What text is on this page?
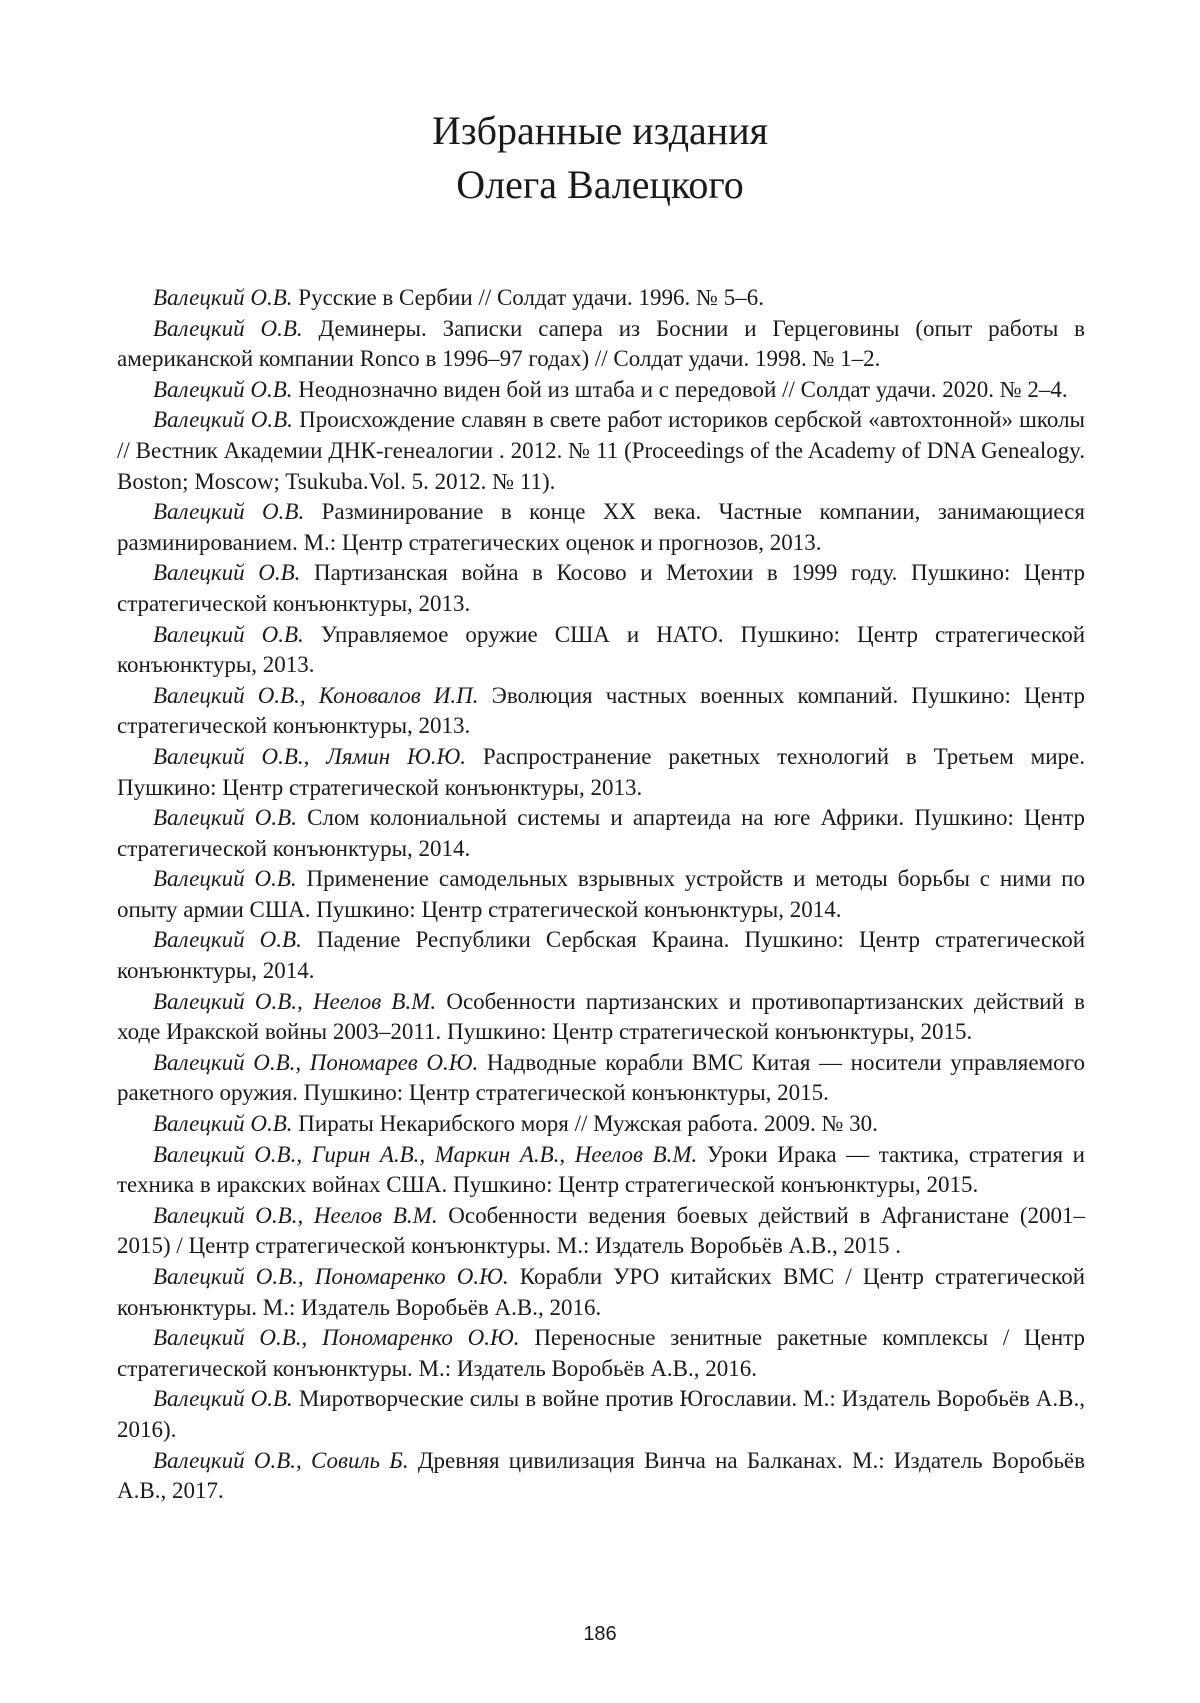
Избранные издания
Олега Валецкого

Валецкий О.В. Русские в Сербии // Солдат удачи. 1996. № 5–6.

Валецкий О.В. Деминеры. Записки сапера из Боснии и Герцеговины (опыт работы в американской компании Ronco в 1996–97 годах) // Солдат удачи. 1998. № 1–2.

Валецкий О.В. Неоднозначно виден бой из штаба и с передовой // Солдат удачи. 2020. № 2–4.

Валецкий О.В. Происхождение славян в свете работ историков сербской «автохтонной» школы // Вестник Академии ДНК-генеалогии . 2012. № 11 (Proceedings of the Academy of DNA Genealogy. Boston; Moscow; Tsukuba.Vol. 5. 2012. № 11).

Валецкий О.В. Разминирование в конце XX века. Частные компании, занимающиеся разминированием. М.: Центр стратегических оценок и прогнозов, 2013.

Валецкий О.В. Партизанская война в Косово и Метохии в 1999 году. Пушкино: Центр стратегической конъюнктуры, 2013.

Валецкий О.В. Управляемое оружие США и НАТО. Пушкино: Центр стратегической конъюнктуры, 2013.

Валецкий О.В., Коновалов И.П. Эволюция частных военных компаний. Пушкино: Центр стратегической конъюнктуры, 2013.

Валецкий О.В., Лямин Ю.Ю. Распространение ракетных технологий в Третьем мире. Пушкино: Центр стратегической конъюнктуры, 2013.

Валецкий О.В. Слом колониальной системы и апартеида на юге Африки. Пушкино: Центр стратегической конъюнктуры, 2014.

Валецкий О.В. Применение самодельных взрывных устройств и методы борьбы с ними по опыту армии США. Пушкино: Центр стратегической конъюнктуры, 2014.

Валецкий О.В. Падение Республики Сербская Краина. Пушкино: Центр стратегической конъюнктуры, 2014.

Валецкий О.В., Неелов В.М. Особенности партизанских и противопартизанских действий в ходе Иракской войны 2003–2011. Пушкино: Центр стратегической конъюнктуры, 2015.

Валецкий О.В., Пономарев О.Ю. Надводные корабли ВМС Китая — носители управляемого ракетного оружия. Пушкино: Центр стратегической конъюнктуры, 2015.

Валецкий О.В. Пираты Некарибского моря // Мужская работа. 2009. № 30.

Валецкий О.В., Гирин А.В., Маркин А.В., Неелов В.М. Уроки Ирака — тактика, стратегия и техника в иракских войнах США. Пушкино: Центр стратегической конъюнктуры, 2015.

Валецкий О.В., Неелов В.М. Особенности ведения боевых действий в Афганистане (2001–2015) / Центр стратегической конъюнктуры. М.: Издатель Воробьёв А.В., 2015 .

Валецкий О.В., Пономаренко О.Ю. Корабли УРО китайских ВМС / Центр стратегической конъюнктуры. М.: Издатель Воробьёв А.В., 2016.

Валецкий О.В., Пономаренко О.Ю. Переносные зенитные ракетные комплексы / Центр стратегической конъюнктуры. М.: Издатель Воробьёв А.В., 2016.

Валецкий О.В. Миротворческие силы в войне против Югославии. М.: Издатель Воробьёв А.В., 2016).

Валецкий О.В., Совиль Б. Древняя цивилизация Винча на Балканах. М.: Издатель Воробьёв А.В., 2017.

186
